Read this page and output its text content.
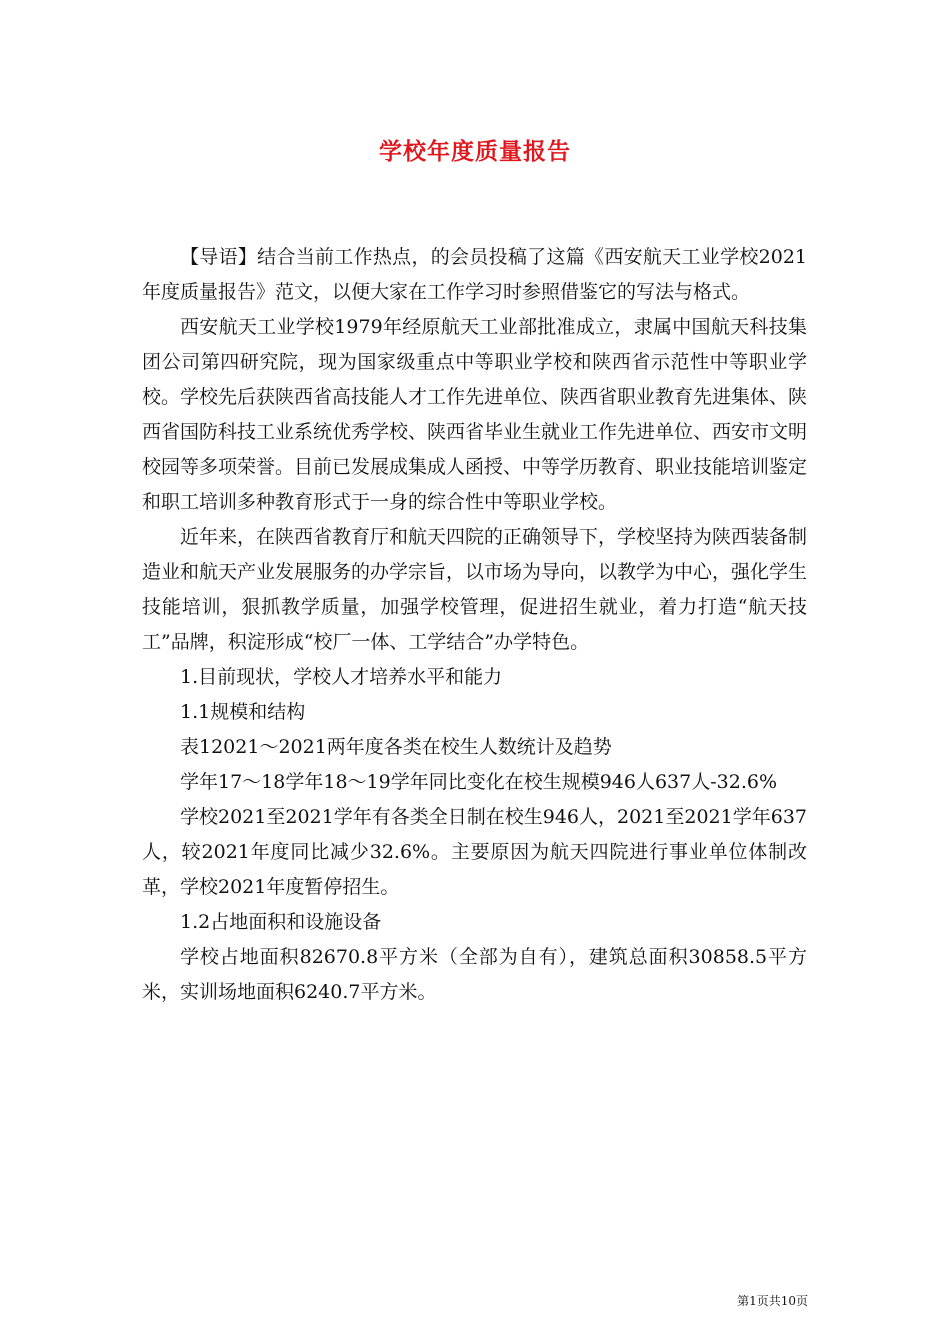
学校年度质量报告

【导语】结合当前工作热点，的会员投稿了这篇《西安航天工业学校2021年度质量报告》范文，以便大家在工作学习时参照借鉴它的写法与格式。

西安航天工业学校1979年经原航天工业部批准成立，隶属中国航天科技集团公司第四研究院，现为国家级重点中等职业学校和陕西省示范性中等职业学校。学校先后获陕西省高技能人才工作先进单位、陕西省职业教育先进集体、陕西省国防科技工业系统优秀学校、陕西省毕业生就业工作先进单位、西安市文明校园等多项荣誉。目前已发展成集成人函授、中等学历教育、职业技能培训鉴定和职工培训多种教育形式于一身的综合性中等职业学校。

近年来，在陕西省教育厅和航天四院的正确领导下，学校坚持为陕西装备制造业和航天产业发展服务的办学宗旨，以市场为导向，以教学为中心，强化学生技能培训，狠抓教学质量，加强学校管理，促进招生就业，着力打造“航天技工”品牌，积淀形成“校厂一体、工学结合”办学特色。

1.目前现状，学校人才培养水平和能力

1.1规模和结构

表12021～2021两年度各类在校生人数统计及趋势

学年17～18学年18～19学年同比变化在校生规模946人637人-32.6%

学校2021至2021学年有各类全日制在校生946人，2021至2021学年637人，较2021年度同比减少32.6%。主要原因为航天四院进行事业单位体制改革，学校2021年度暂停招生。

1.2占地面积和设施设备

学校占地面积82670.8平方米（全部为自有），建筑总面积30858.5平方米，实训场地面积6240.7平方米。

第1页共10页
